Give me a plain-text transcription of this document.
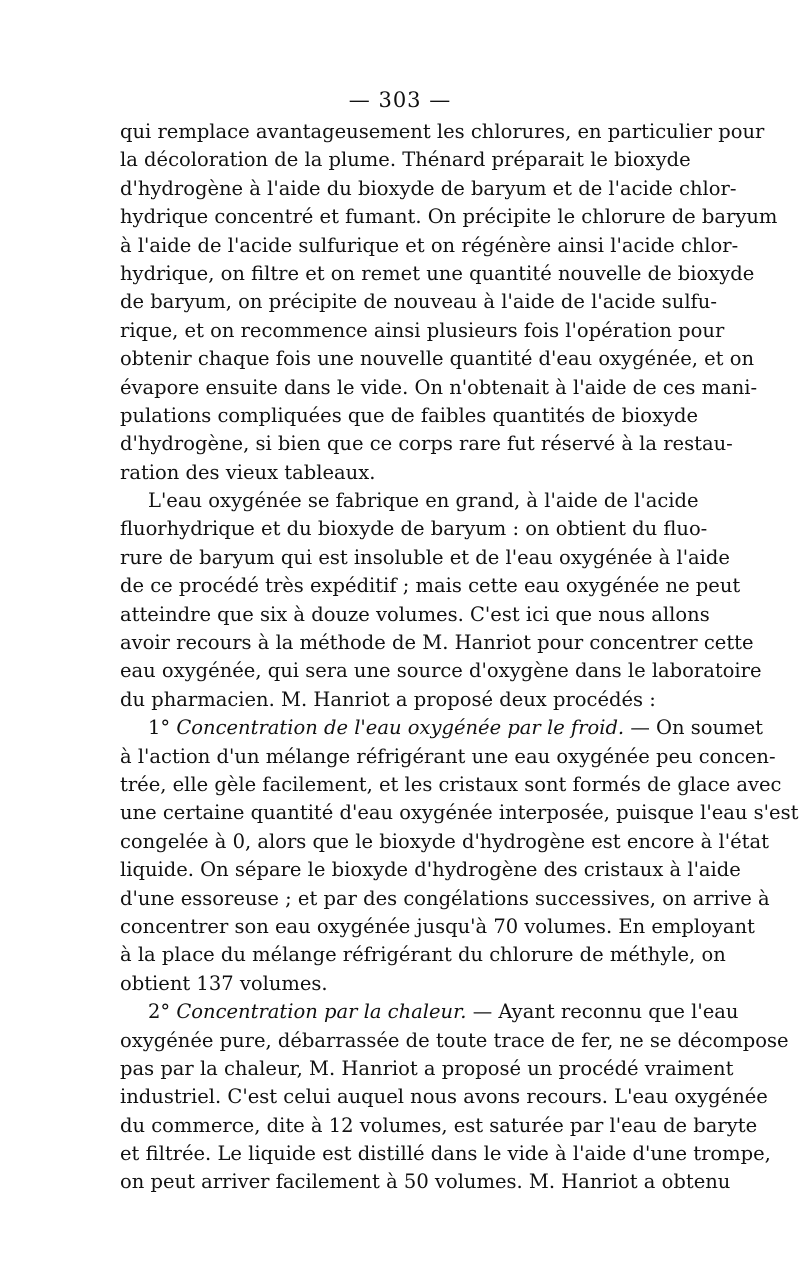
— 303 —
qui remplace avantageusement les chlorures, en particulier pour
la décoloration de la plume. Thénard préparait le bioxyde
d'hydrogène à l'aide du bioxyde de baryum et de l'acide chlor-
hydrique concentré et fumant. On précipite le chlorure de baryum
à l'aide de l'acide sulfurique et on régénère ainsi l'acide chlor-
hydrique, on filtre et on remet une quantité nouvelle de bioxyde
de baryum, on précipite de nouveau à l'aide de l'acide sulfu-
rique, et on recommence ainsi plusieurs fois l'opération pour
obtenir chaque fois une nouvelle quantité d'eau oxygénée, et on
évapore ensuite dans le vide. On n'obtenait à l'aide de ces mani-
pulations compliquées que de faibles quantités de bioxyde
d'hydrogène, si bien que ce corps rare fut réservé à la restau-
ration des vieux tableaux.
L'eau oxygénée se fabrique en grand, à l'aide de l'acide
fluorhydrique et du bioxyde de baryum : on obtient du fluo-
rure de baryum qui est insoluble et de l'eau oxygénée à l'aide
de ce procédé très expéditif ; mais cette eau oxygénée ne peut
atteindre que six à douze volumes. C'est ici que nous allons
avoir recours à la méthode de M. Hanriot pour concentrer cette
eau oxygénée, qui sera une source d'oxygène dans le laboratoire
du pharmacien. M. Hanriot a proposé deux procédés :
1° Concentration de l'eau oxygénée par le froid. — On soumet
à l'action d'un mélange réfrigérant une eau oxygénée peu concen-
trée, elle gèle facilement, et les cristaux sont formés de glace avec
une certaine quantité d'eau oxygénée interposée, puisque l'eau s'est
congelée à 0, alors que le bioxyde d'hydrogène est encore à l'état
liquide. On sépare le bioxyde d'hydrogène des cristaux à l'aide
d'une essoreuse ; et par des congélations successives, on arrive à
concentrer son eau oxygénée jusqu'à 70 volumes. En employant
à la place du mélange réfrigérant du chlorure de méthyle, on
obtient 137 volumes.
2° Concentration par la chaleur. — Ayant reconnu que l'eau
oxygénée pure, débarrassée de toute trace de fer, ne se décompose
pas par la chaleur, M. Hanriot a proposé un procédé vraiment
industriel. C'est celui auquel nous avons recours. L'eau oxygénée
du commerce, dite à 12 volumes, est saturée par l'eau de baryte
et filtrée. Le liquide est distillé dans le vide à l'aide d'une trompe,
on peut arriver facilement à 50 volumes. M. Hanriot a obtenu
